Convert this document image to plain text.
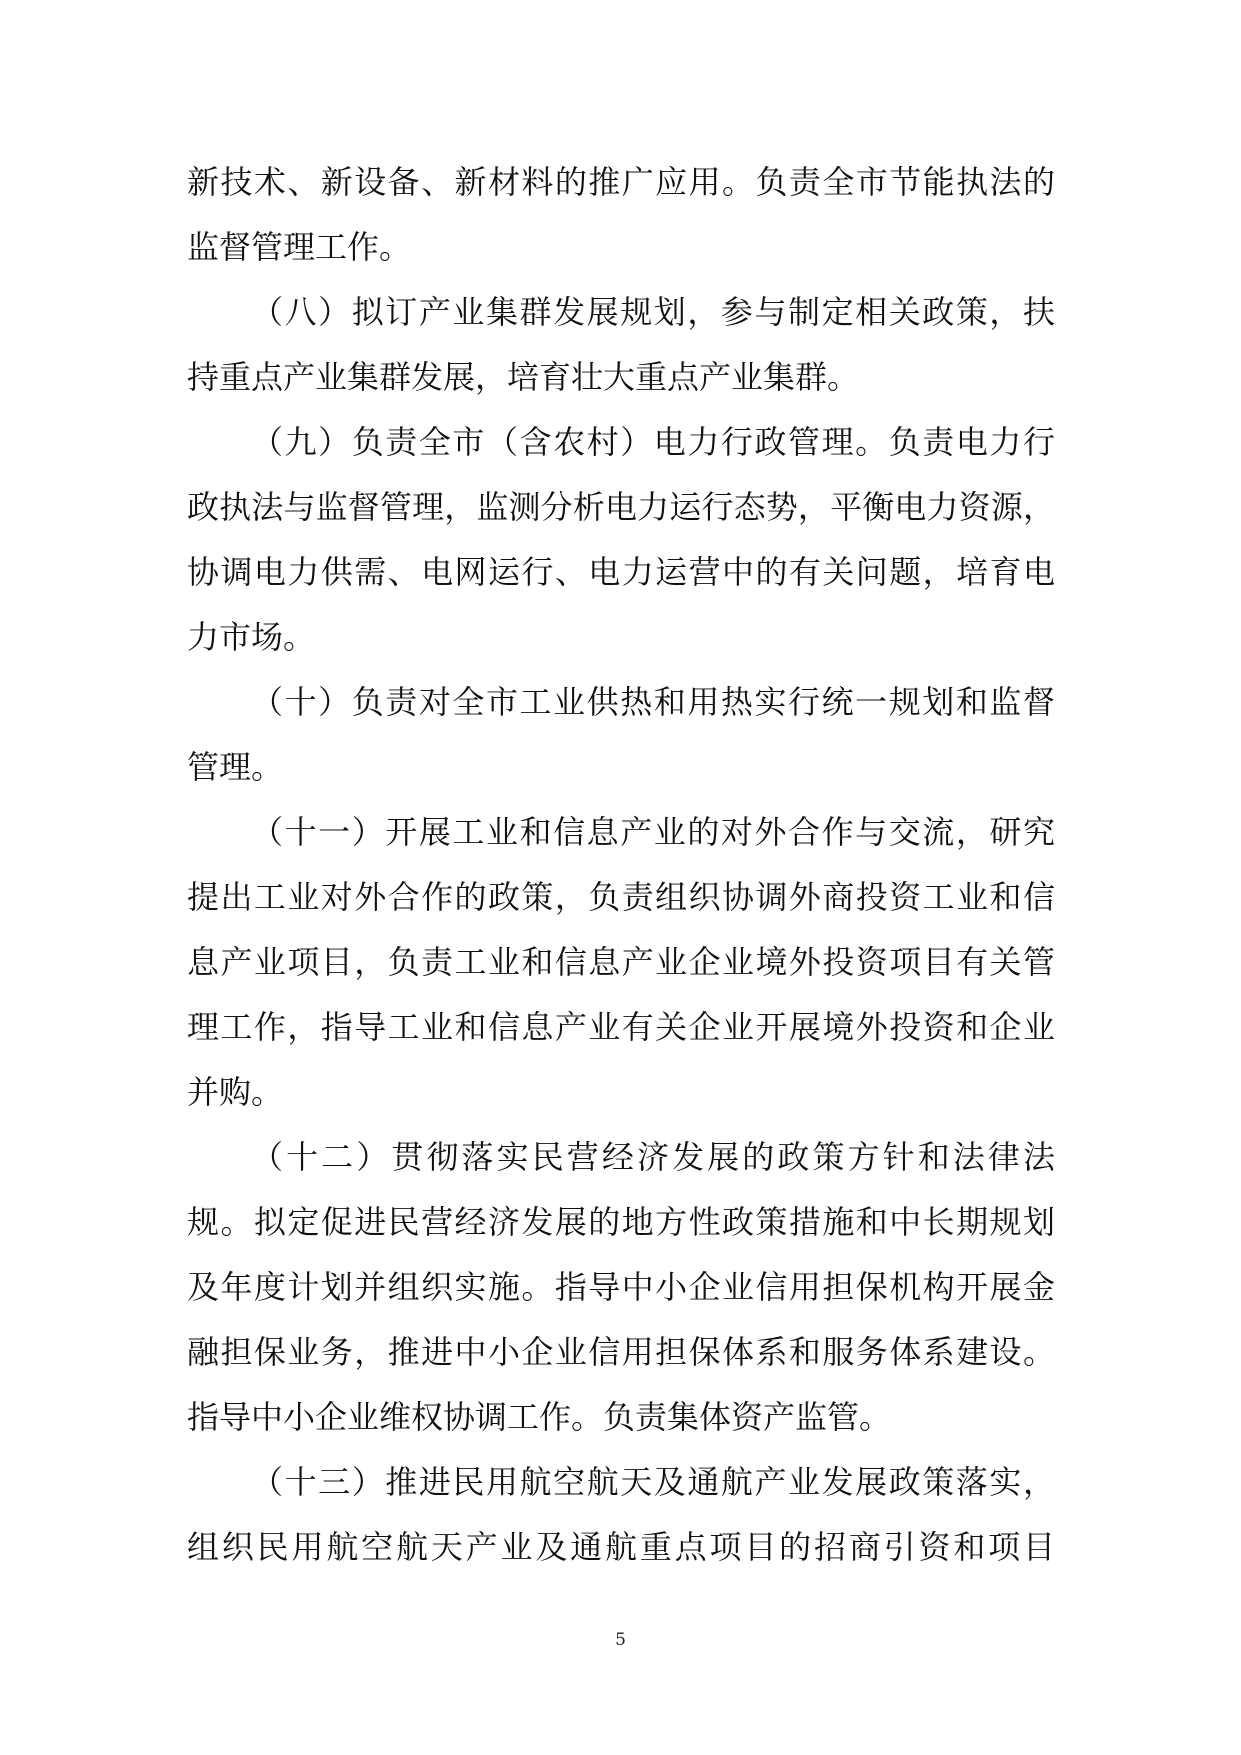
新技术、新设备、新材料的推广应用。负责全市节能执法的
监督管理工作。
（八）拟订产业集群发展规划，参与制定相关政策，扶
持重点产业集群发展，培育壮大重点产业集群。
（九）负责全市（含农村）电力行政管理。负责电力行
政执法与监督管理，监测分析电力运行态势，平衡电力资源，
协调电力供需、电网运行、电力运营中的有关问题，培育电
力市场。
（十）负责对全市工业供热和用热实行统一规划和监督
管理。
（十一）开展工业和信息产业的对外合作与交流，研究
提出工业对外合作的政策，负责组织协调外商投资工业和信
息产业项目，负责工业和信息产业企业境外投资项目有关管
理工作，指导工业和信息产业有关企业开展境外投资和企业
并购。
（十二）贯彻落实民营经济发展的政策方针和法律法
规。拟定促进民营经济发展的地方性政策措施和中长期规划
及年度计划并组织实施。指导中小企业信用担保机构开展金
融担保业务，推进中小企业信用担保体系和服务体系建设。
指导中小企业维权协调工作。负责集体资产监管。
（十三）推进民用航空航天及通航产业发展政策落实，
组织民用航空航天产业及通航重点项目的招商引资和项目
5
